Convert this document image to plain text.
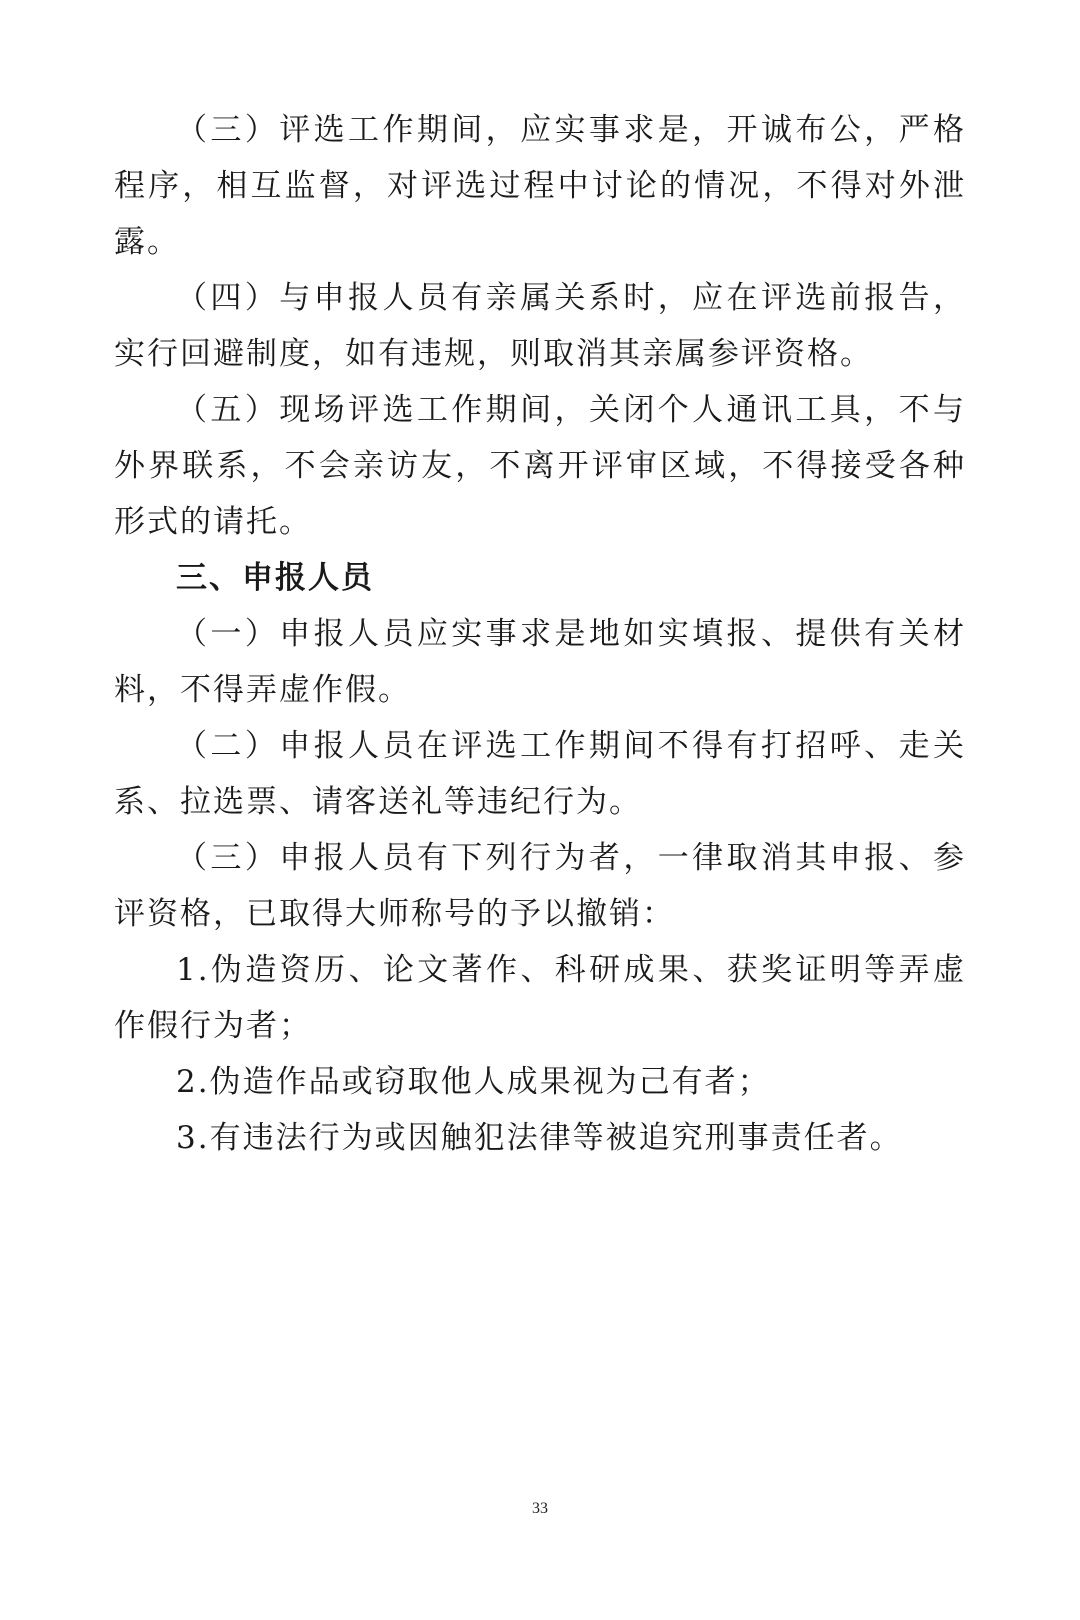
（三）评选工作期间，应实事求是，开诚布公，严格程序，相互监督，对评选过程中讨论的情况，不得对外泄露。

（四）与申报人员有亲属关系时，应在评选前报告，实行回避制度，如有违规，则取消其亲属参评资格。

（五）现场评选工作期间，关闭个人通讯工具，不与外界联系，不会亲访友，不离开评审区域，不得接受各种形式的请托。

三、申报人员

（一）申报人员应实事求是地如实填报、提供有关材料，不得弄虚作假。

（二）申报人员在评选工作期间不得有打招呼、走关系、拉选票、请客送礼等违纪行为。

（三）申报人员有下列行为者，一律取消其申报、参评资格，已取得大师称号的予以撤销：

1.伪造资历、论文著作、科研成果、获奖证明等弄虚作假行为者；

2.伪造作品或窃取他人成果视为己有者；

3.有违法行为或因触犯法律等被追究刑事责任者。

33
